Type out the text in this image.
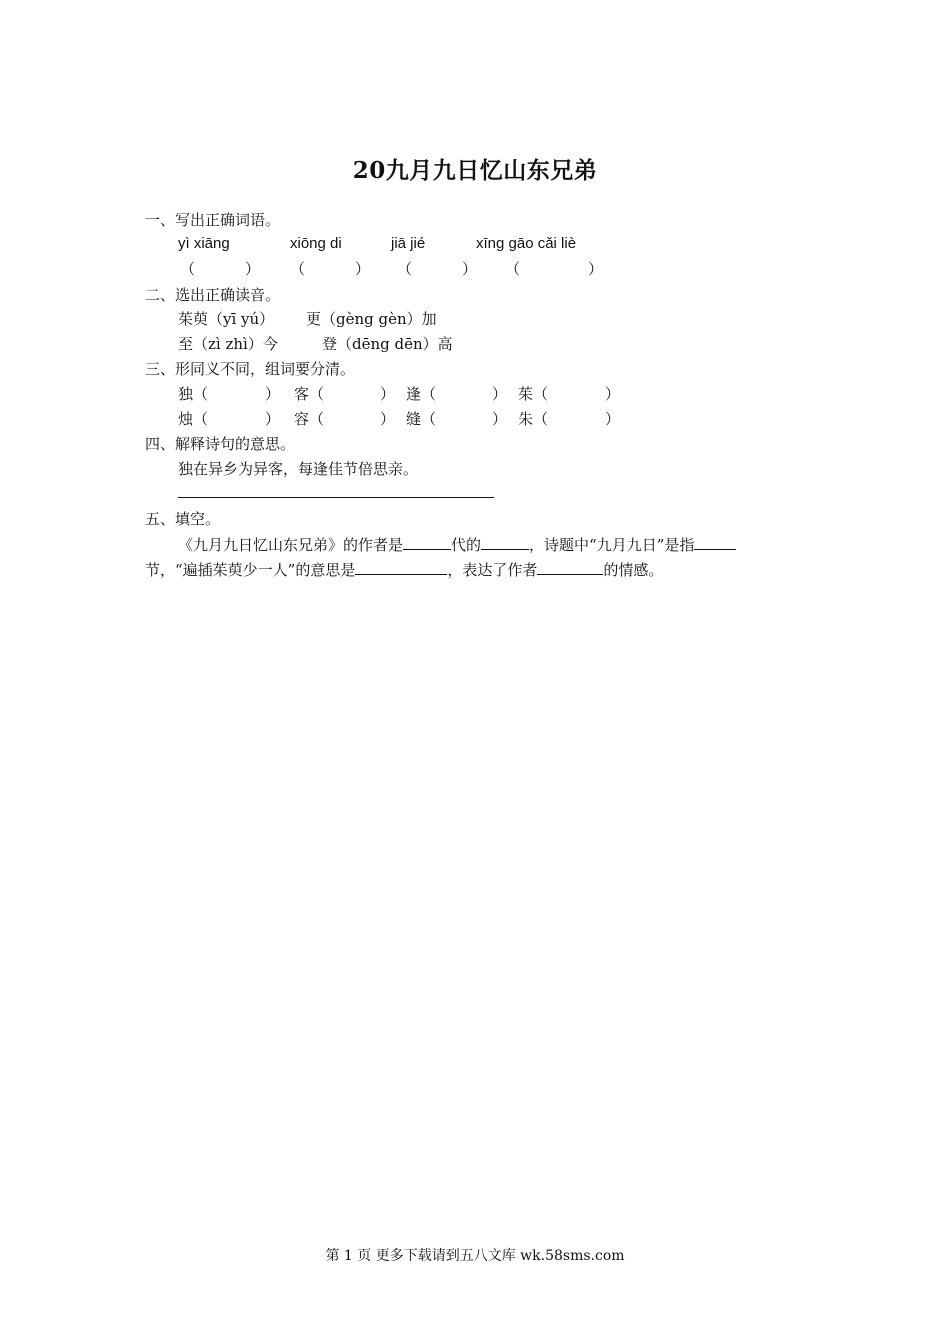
20九月九日忆山东兄弟
一、写出正确词语。
yì xiāng	xiōng di	jiā jié	xīng gāo cǎi liè
（	） （	） （	） （	）
二、选出正确读音。
茱萸（yī yú） 更（gèng gèn）加
至（zì zhì）今	登（dēng dēn）高
三、形同义不同，组词要分清。
独（	） 客（	） 逢（	） 茱（	）
烛（	） 容（	） 缝（	） 朱（	）
四、解释诗句的意思。
独在异乡为异客，每逢佳节倍思亲。
五、填空。
《九月九日忆山东兄弟》的作者是	代的	，诗题中“九月九日”是指
节，“遍插茱萸少一人”的意思是	，表达了作者	的情感。
第 1 页 更多下载请到五八文库 wk.58sms.com
